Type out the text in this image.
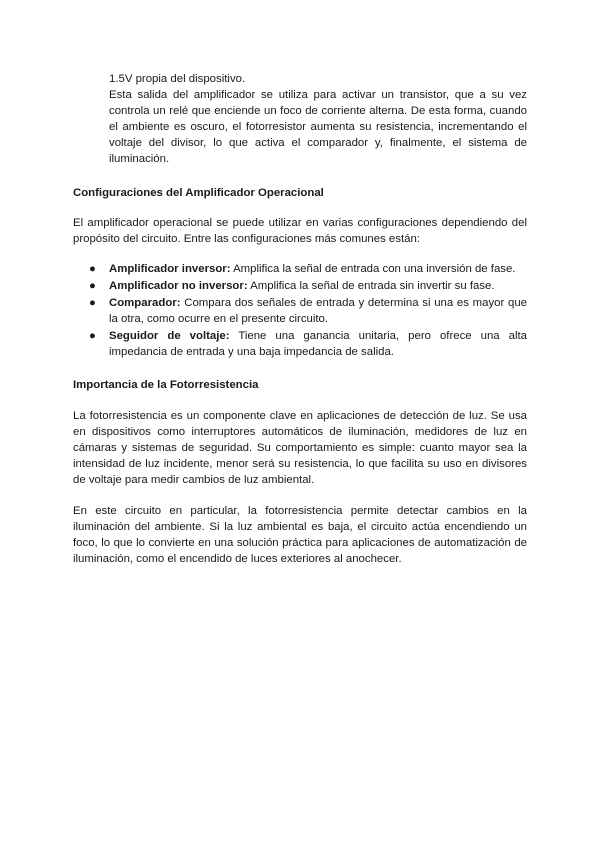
1.5V propia del dispositivo.

Esta salida del amplificador se utiliza para activar un transistor, que a su vez controla un relé que enciende un foco de corriente alterna. De esta forma, cuando el ambiente es oscuro, el fotorresistor aumenta su resistencia, incrementando el voltaje del divisor, lo que activa el comparador y, finalmente, el sistema de iluminación.

Configuraciones del Amplificador Operacional

El amplificador operacional se puede utilizar en varias configuraciones dependiendo del propósito del circuito. Entre las configuraciones más comunes están:

● Amplificador inversor: Amplifica la señal de entrada con una inversión de fase.
● Amplificador no inversor: Amplifica la señal de entrada sin invertir su fase.
● Comparador: Compara dos señales de entrada y determina si una es mayor que la otra, como ocurre en el presente circuito.
● Seguidor de voltaje: Tiene una ganancia unitaria, pero ofrece una alta impedancia de entrada y una baja impedancia de salida.

Importancia de la Fotorresistencia

La fotorresistencia es un componente clave en aplicaciones de detección de luz. Se usa en dispositivos como interruptores automáticos de iluminación, medidores de luz en cámaras y sistemas de seguridad. Su comportamiento es simple: cuanto mayor sea la intensidad de luz incidente, menor será su resistencia, lo que facilita su uso en divisores de voltaje para medir cambios de luz ambiental.

En este circuito en particular, la fotorresistencia permite detectar cambios en la iluminación del ambiente. Si la luz ambiental es baja, el circuito actúa encendiendo un foco, lo que lo convierte en una solución práctica para aplicaciones de automatización de iluminación, como el encendido de luces exteriores al anochecer.
